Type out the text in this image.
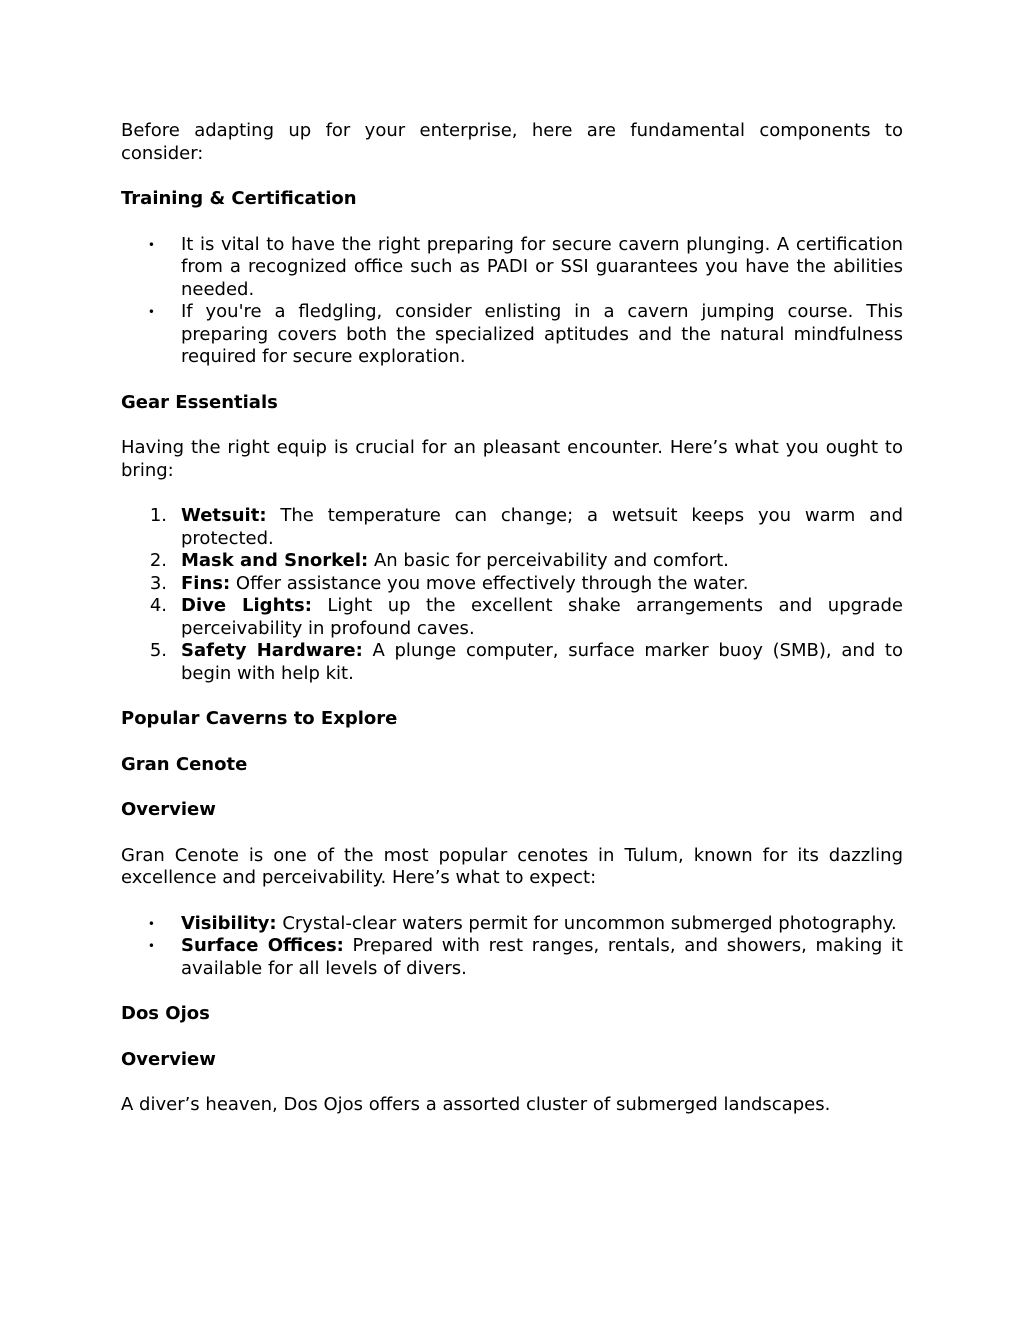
Before adapting up for your enterprise, here are fundamental components to consider:

Training & Certification
• It is vital to have the right preparing for secure cavern plunging. A certification from a recognized office such as PADI or SSI guarantees you have the abilities needed.
• If you're a fledgling, consider enlisting in a cavern jumping course. This preparing covers both the specialized aptitudes and the natural mindfulness required for secure exploration.
Gear Essentials

Having the right equip is crucial for an pleasant encounter. Here’s what you ought to bring:

1. Wetsuit: The temperature can change; a wetsuit keeps you warm and protected.
2. Mask and Snorkel: An basic for perceivability and comfort.
3. Fins: Offer assistance you move effectively through the water.
4. Dive Lights: Light up the excellent shake arrangements and upgrade perceivability in profound caves.
5. Safety Hardware: A plunge computer, surface marker buoy (SMB), and to begin with help kit.
Popular Caverns to Explore
Gran Cenote
Overview

Gran Cenote is one of the most popular cenotes in Tulum, known for its dazzling excellence and perceivability. Here’s what to expect:

• Visibility: Crystal-clear waters permit for uncommon submerged photography.
• Surface Offices: Prepared with rest ranges, rentals, and showers, making it available for all levels of divers.
Dos Ojos
Overview

A diver’s heaven, Dos Ojos offers a assorted cluster of submerged landscapes.
